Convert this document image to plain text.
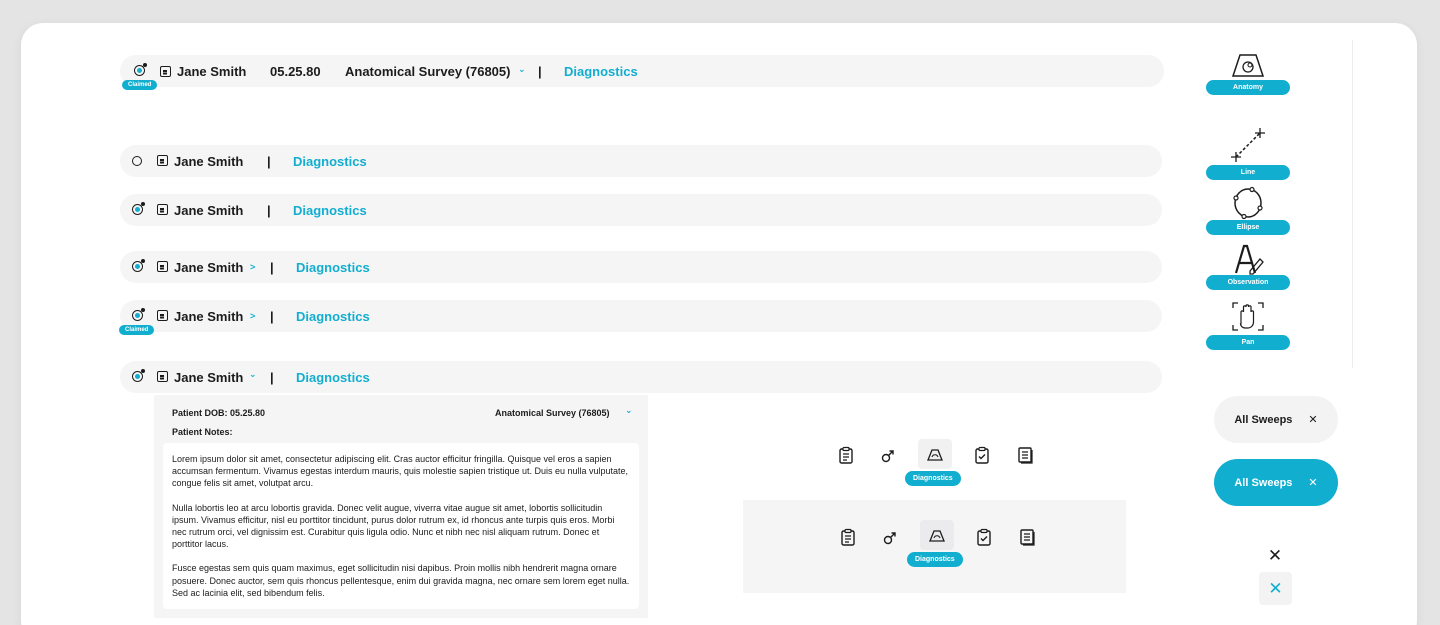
Jane Smith 05.25.80 Anatomical Survey (76805) ⌄ | Diagnostics
Claimed
Jane Smith | Diagnostics
Jane Smith | Diagnostics
Jane Smith > | Diagnostics
Jane Smith > | Diagnostics
Claimed
Jane Smith ⌄ | Diagnostics
Patient DOB: 05.25.80	Anatomical Survey (76805) ⌄
Patient Notes:

Lorem ipsum dolor sit amet, consectetur adipiscing elit. Cras auctor efficitur fringilla. Quisque vel eros a sapien accumsan fermentum. Vivamus egestas interdum mauris, quis molestie sapien tristique ut. Duis eu nulla vulputate, congue felis sit amet, volutpat arcu.

Nulla lobortis leo at arcu lobortis gravida. Donec velit augue, viverra vitae augue sit amet, lobortis sollicitudin ipsum. Vivamus efficitur, nisl eu porttitor tincidunt, purus dolor rutrum ex, id rhoncus ante turpis quis eros. Morbi nec rutrum orci, vel dignissim est. Curabitur quis ligula odio. Nunc et nibh nec nisl aliquam rutrum. Donec et porttitor lacus.

Fusce egestas sem quis quam maximus, eget sollicitudin nisi dapibus. Proin mollis nibh hendrerit magna ornare posuere. Donec auctor, sem quis rhoncus pellentesque, enim dui gravida magna, nec ornare sem lorem eget nulla. Sed ac lacinia elit, sed bibendum felis.

Diagnostics
Diagnostics
Anatomy
Line
Ellipse
Observation
Pan
All Sweeps ✕
All Sweeps ✕
✕
✕
